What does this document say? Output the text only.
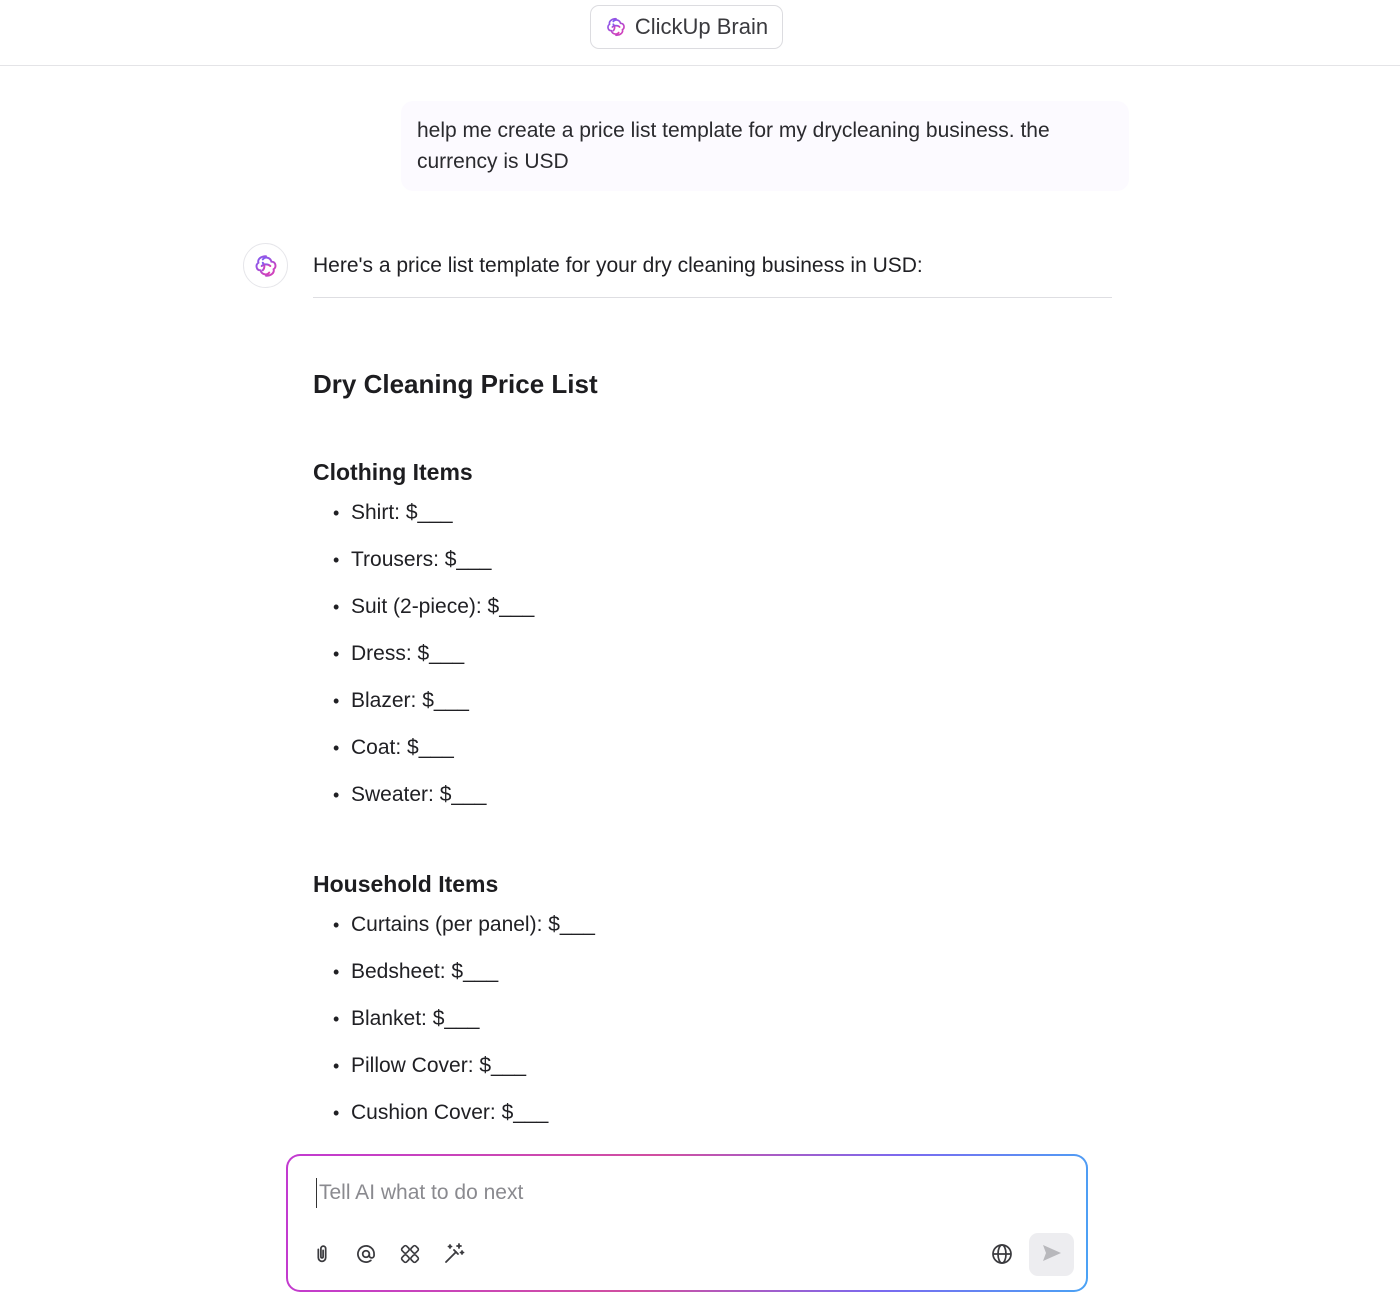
ClickUp Brain
help me create a price list template for my drycleaning business. the currency is USD
Here's a price list template for your dry cleaning business in USD:
Dry Cleaning Price List
Clothing Items
• Shirt: $___
• Trousers: $___
• Suit (2-piece): $___
• Dress: $___
• Blazer: $___
• Coat: $___
• Sweater: $___
Household Items
• Curtains (per panel): $___
• Bedsheet: $___
• Blanket: $___
• Pillow Cover: $___
• Cushion Cover: $___
Tell AI what to do next
